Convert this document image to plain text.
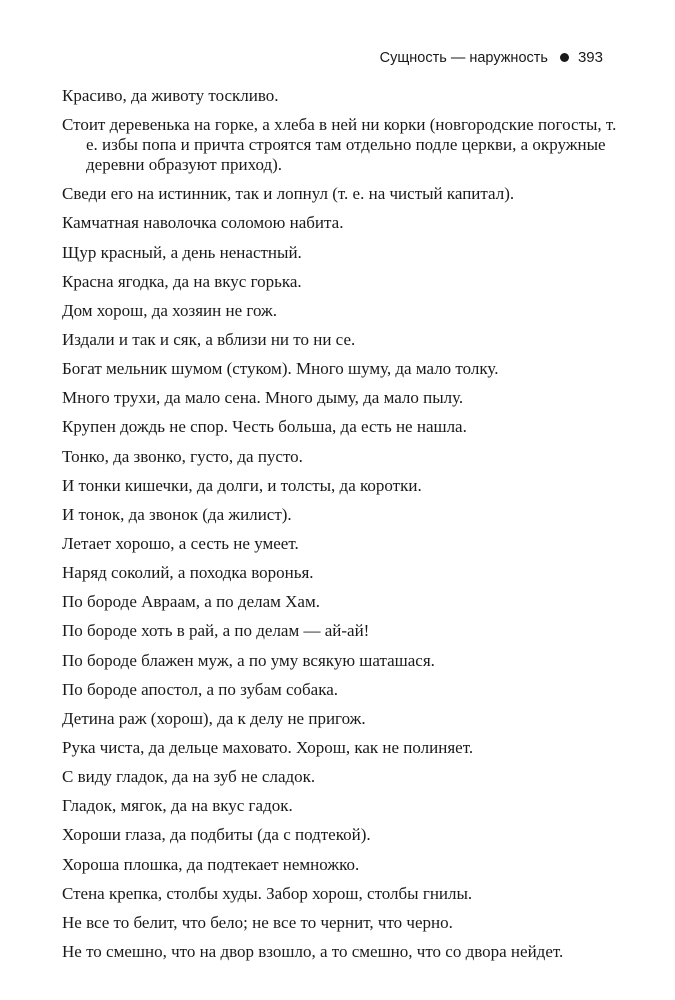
Сущность — наружность 393
Красиво, да животу тоскливо.
Стоит деревенька на горке, а хлеба в ней ни корки (новгородские погосты, т. е. избы попа и причта строятся там отдельно подле церкви, а окружные деревни образуют приход).
Сведи его на истинник, так и лопнул (т. е. на чистый капитал).
Камчатная наволочка соломою набита.
Щур красный, а день ненастный.
Красна ягодка, да на вкус горька.
Дом хорош, да хозяин не гож.
Издали и так и сяк, а вблизи ни то ни се.
Богат мельник шумом (стуком). Много шуму, да мало толку.
Много трухи, да мало сена. Много дыму, да мало пылу.
Крупен дождь не спор. Честь больша, да есть не нашла.
Тонко, да звонко, густо, да пусто.
И тонки кишечки, да долги, и толсты, да коротки.
И тонок, да звонок (да жилист).
Летает хорошо, а сесть не умеет.
Наряд соколий, а походка воронья.
По бороде Авраам, а по делам Хам.
По бороде хоть в рай, а по делам — ай-ай!
По бороде блажен муж, а по уму всякую шаташася.
По бороде апостол, а по зубам собака.
Детина раж (хорош), да к делу не пригож.
Рука чиста, да дельце маховато. Хорош, как не полиняет.
С виду гладок, да на зуб не сладок.
Гладок, мягок, да на вкус гадок.
Хороши глаза, да подбиты (да с подтекой).
Хороша плошка, да подтекает немножко.
Стена крепка, столбы худы. Забор хорош, столбы гнилы.
Не все то белит, что бело; не все то чернит, что черно.
Не то смешно, что на двор взошло, а то смешно, что со двора нейдет.
